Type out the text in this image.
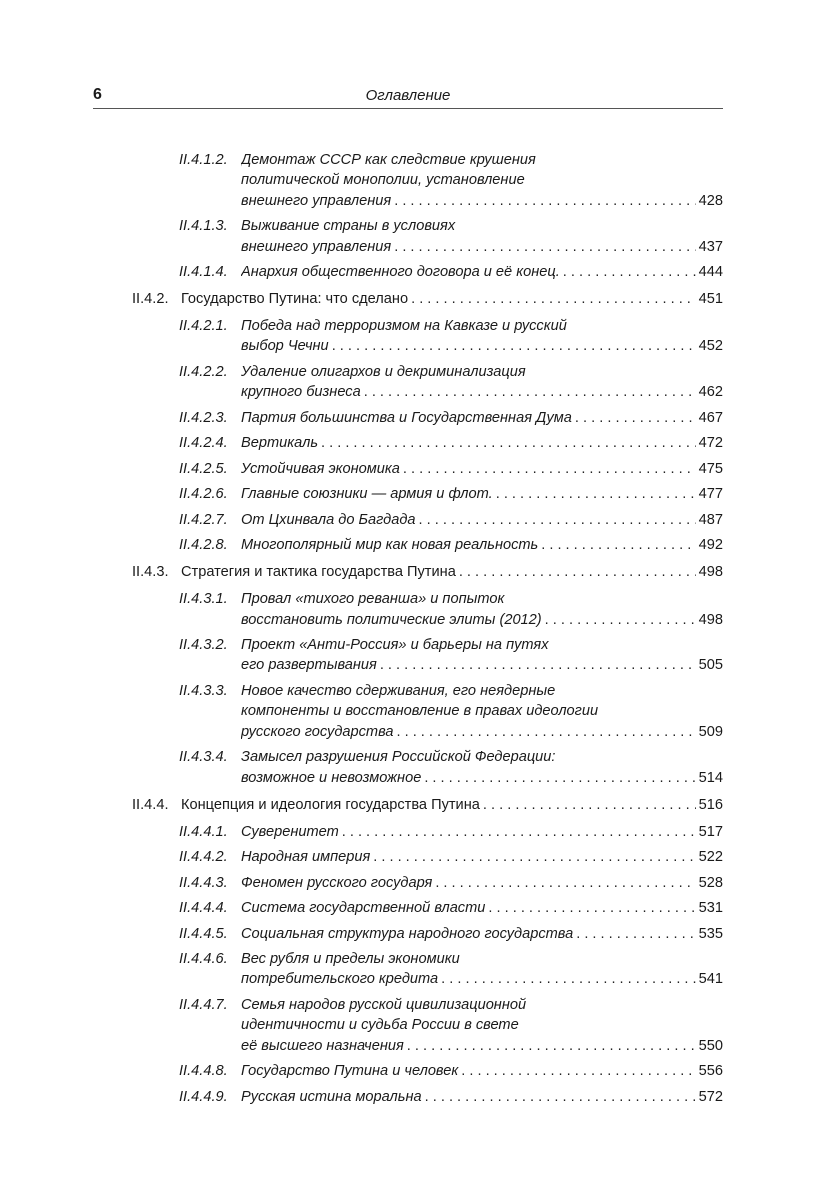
6	Оглавление
II.4.1.2. Демонтаж СССР как следствие крушения
политической монополии, установление
внешнего управления . . .	428
II.4.1.3. Выживание страны в условиях
внешнего управления . . .	437
II.4.1.4. Анархия общественного договора и её конец. . . .	444
II.4.2. Государство Путина: что сделано . . .	451
II.4.2.1. Победа над терроризмом на Кавказе и русский
выбор Чечни . . .	452
II.4.2.2. Удаление олигархов и декриминализация
крупного бизнеса . . .	462
II.4.2.3. Партия большинства и Государственная Дума . . .	467
II.4.2.4. Вертикаль . . .	472
II.4.2.5. Устойчивая экономика . . .	475
II.4.2.6. Главные союзники — армия и флот. . . .	477
II.4.2.7. От Цхинвала до Багдада . . .	487
II.4.2.8. Многополярный мир как новая реальность . . .	492
II.4.3. Стратегия и тактика государства Путина . . .	498
II.4.3.1. Провал «тихого реванша» и попыток
восстановить политические элиты (2012) . . .	498
II.4.3.2. Проект «Анти-Россия» и барьеры на путях
его развертывания . . .	505
II.4.3.3. Новое качество сдерживания, его неядерные
компоненты и восстановление в правах идеологии
русского государства . . .	509
II.4.3.4. Замысел разрушения Российской Федерации:
возможное и невозможное . . .	514
II.4.4. Концепция и идеология государства Путина . . .	516
II.4.4.1. Суверенитет . . .	517
II.4.4.2. Народная империя . . .	522
II.4.4.3. Феномен русского государя . . .	528
II.4.4.4. Система государственной власти . . .	531
II.4.4.5. Социальная структура народного государства . . .	535
II.4.4.6. Вес рубля и пределы экономики
потребительского кредита . . .	541
II.4.4.7. Семья народов русской цивилизационной
идентичности и судьба России в свете
её высшего назначения . . .	550
II.4.4.8. Государство Путина и человек . . .	556
II.4.4.9. Русская истина моральна . . .	572
